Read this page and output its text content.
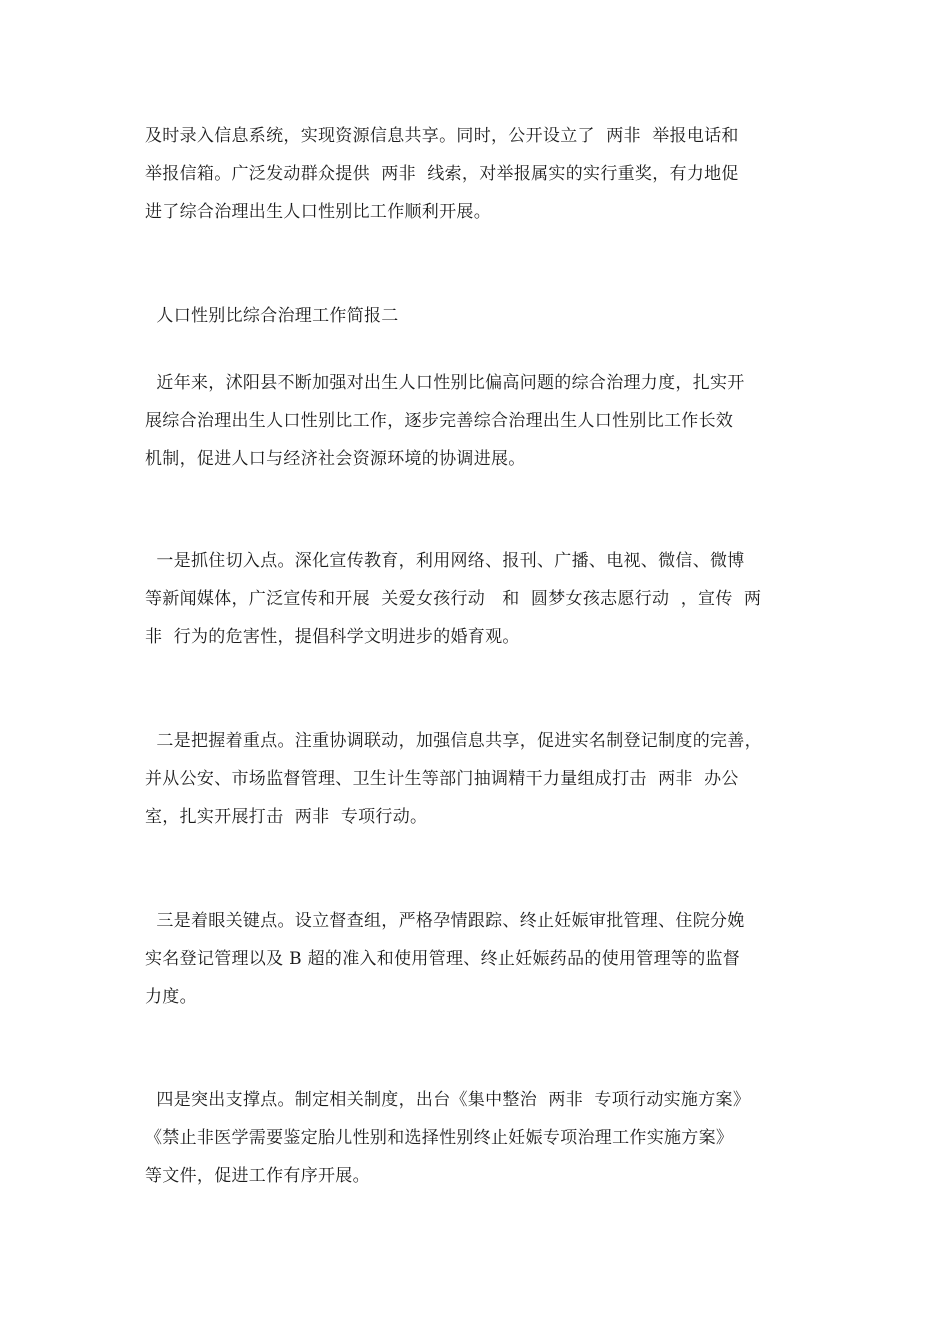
及时录入信息系统，实现资源信息共享。同时，公开设立了  两非  举报电话和
举报信箱。广泛发动群众提供  两非  线索，对举报属实的实行重奖，有力地促
进了综合治理出生人口性别比工作顺利开展。
人口性别比综合治理工作简报二
近年来，沭阳县不断加强对出生人口性别比偏高问题的综合治理力度，扎实开
展综合治理出生人口性别比工作，逐步完善综合治理出生人口性别比工作长效
机制，促进人口与经济社会资源环境的协调进展。
一是抓住切入点。深化宣传教育，利用网络、报刊、广播、电视、微信、微博
等新闻媒体，广泛宣传和开展  关爱女孩行动   和  圆梦女孩志愿行动  ，宣传  两
非  行为的危害性，提倡科学文明进步的婚育观。
二是把握着重点。注重协调联动，加强信息共享，促进实名制登记制度的完善，
并从公安、市场监督管理、卫生计生等部门抽调精干力量组成打击  两非  办公
室，扎实开展打击  两非  专项行动。
三是着眼关键点。设立督查组，严格孕情跟踪、终止妊娠审批管理、住院分娩
实名登记管理以及 B 超的准入和使用管理、终止妊娠药品的使用管理等的监督
力度。
四是突出支撑点。制定相关制度，出台《集中整治  两非  专项行动实施方案》
《禁止非医学需要鉴定胎儿性别和选择性别终止妊娠专项治理工作实施方案》
等文件，促进工作有序开展。
